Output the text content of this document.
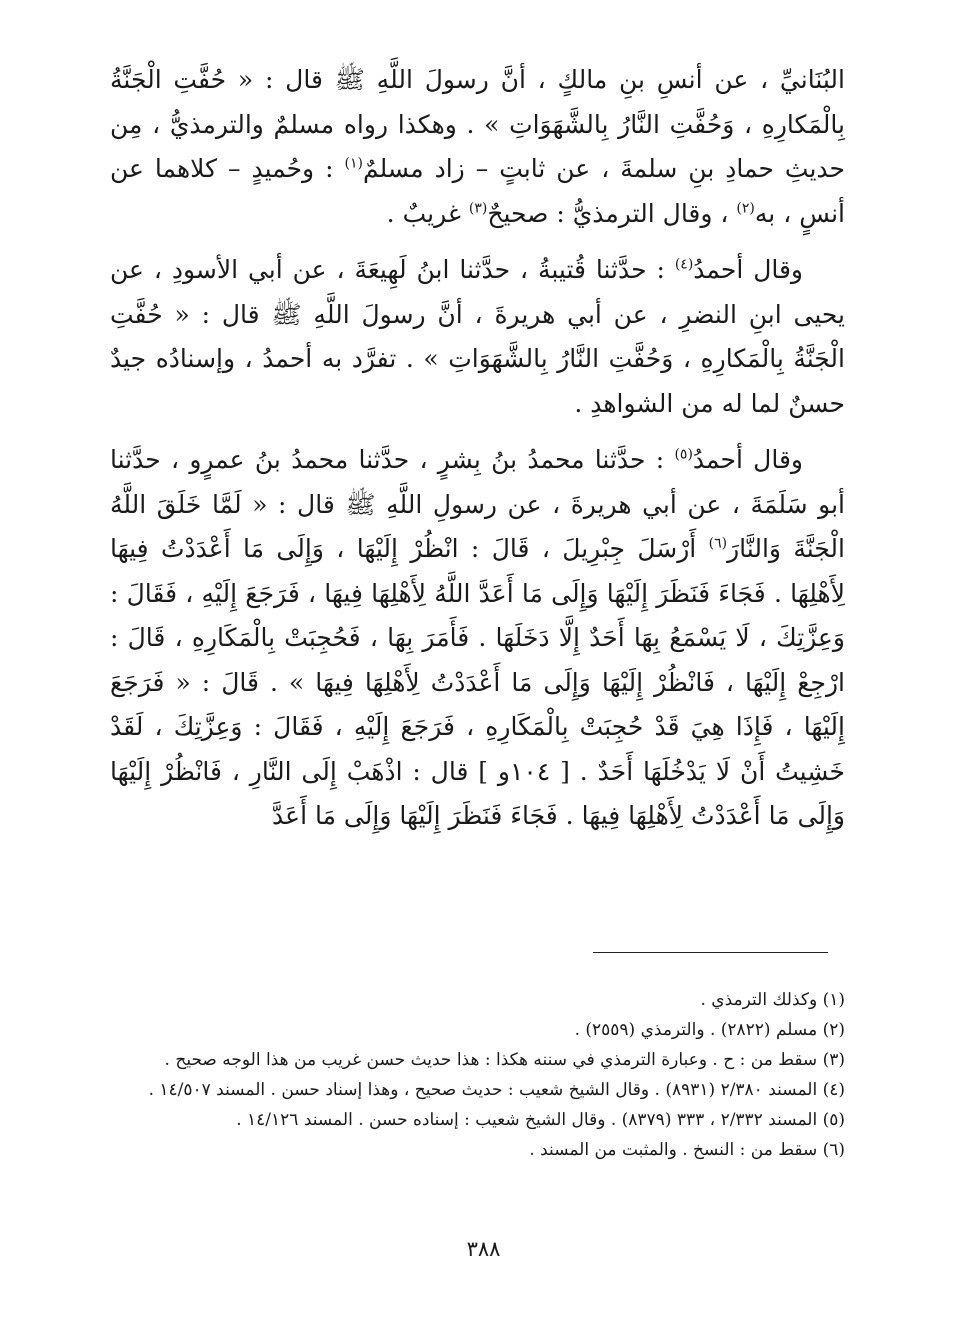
البُنَانيِّ ، عن أنسِ بنِ مالكٍ ، أنَّ رسولَ اللَّهِ ﷺ قال : « حُفَّتِ الْجَنَّةُ بِالْمَكارِهِ ، وَحُفَّتِ النَّارُ بِالشَّهَوَاتِ » . وهكذا رواه مسلمٌ والترمذيُّ ، مِن حديثِ حمادِ بنِ سلمةَ ، عن ثابتٍ – زاد مسلمٌ$^{(١)}$ : وحُميدٍ – كلاهما عن أنسٍ ، به$^{(٢)}$ ، وقال الترمذيُّ : صحيحٌ$^{(٣)}$ غريبٌ .

وقال أحمدُ$^{(٤)}$ : حدَّثنا قُتيبةُ ، حدَّثنا ابنُ لَهِيعَةَ ، عن أبي الأسودِ ، عن يحيى ابنِ النضرِ ، عن أبي هريرةَ ، أنَّ رسولَ اللَّهِ ﷺ قال : « حُفَّتِ الْجَنَّةُ بِالْمَكارِهِ ، وَحُفَّتِ النَّارُ بِالشَّهَوَاتِ » . تفرَّد به أحمدُ ، وإسنادُه جيدٌ حسنٌ لما له من الشواهدِ .

وقال أحمدُ$^{(٥)}$ : حدَّثنا محمدُ بنُ بِشرٍ ، حدَّثنا محمدُ بنُ عمرٍو ، حدَّثنا أبو سَلَمَةَ ، عن أبي هريرةَ ، عن رسولِ اللَّهِ ﷺ قال : « لَمَّا خَلَقَ اللَّهُ الْجَنَّةَ وَالنَّارَ$^{(٦)}$ أَرْسَلَ جِبْرِيلَ ، قَالَ : انْظُرْ إِلَيْهَا ، وَإِلَى مَا أَعْدَدْتُ فِيهَا لِأَهْلِهَا . فَجَاءَ فَنَظَرَ إِلَيْهَا وَإِلَى مَا أَعَدَّ اللَّهُ لِأَهْلِهَا فِيهَا ، فَرَجَعَ إِلَيْهِ ، فَقَالَ : وَعِزَّتِكَ ، لَا يَسْمَعُ بِهَا أَحَدٌ إِلَّا دَخَلَهَا . فَأَمَرَ بِهَا ، فَحُجِبَتْ بِالْمَكَارِهِ ، قَالَ : ارْجِعْ إِلَيْهَا ، فَانْظُرْ إِلَيْهَا وَإِلَى مَا أَعْدَدْتُ لِأَهْلِهَا فِيهَا » . قَالَ : « فَرَجَعَ إِلَيْهَا ، فَإِذَا هِيَ قَدْ حُجِبَتْ بِالْمَكَارِهِ ، فَرَجَعَ إِلَيْهِ ، فَقَالَ : وَعِزَّتِكَ ، لَقَدْ خَشِيتُ أَنْ لَا يَدْخُلَهَا أَحَدٌ . [ ١٠٤و ] قال : اذْهَبْ إِلَى النَّارِ ، فَانْظُرْ إِلَيْهَا وَإِلَى مَا أَعْدَدْتُ لِأَهْلِهَا فِيهَا . فَجَاءَ فَنَظَرَ إِلَيْهَا وَإِلَى مَا أَعَدَّ

(١) وكذلك الترمذي .
(٢) مسلم (٢٨٢٢) . والترمذي (٢٥٥٩) .
(٣) سقط من : ح . وعبارة الترمذي في سننه هكذا : هذا حديث حسن غريب من هذا الوجه صحيح .
(٤) المسند ٢/٣٨٠ (٨٩٣١) . وقال الشيخ شعيب : حديث صحيح ، وهذا إسناد حسن . المسند ١٤/٥٠٧ .
(٥) المسند ٢/٣٣٢ ، ٣٣٣ (٨٣٧٩) . وقال الشيخ شعيب : إسناده حسن . المسند ١٤/١٢٦ .
(٦) سقط من : النسخ . والمثبت من المسند .
٣٨٨
